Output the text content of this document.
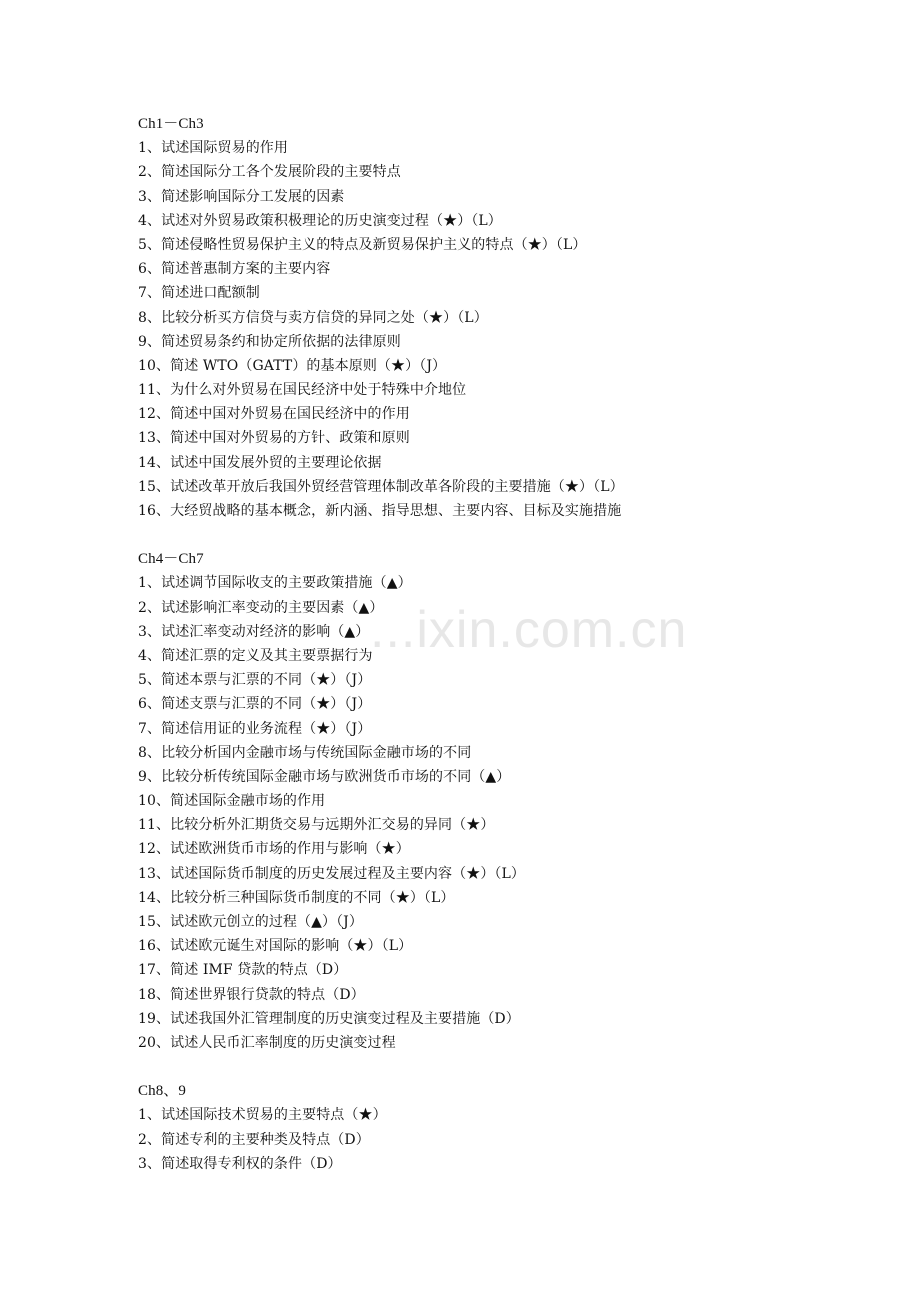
...ixin.com.cn
Ch1－Ch3
1、试述国际贸易的作用
2、简述国际分工各个发展阶段的主要特点
3、简述影响国际分工发展的因素
4、试述对外贸易政策积极理论的历史演变过程（★）（L）
5、简述侵略性贸易保护主义的特点及新贸易保护主义的特点（★）（L）
6、简述普惠制方案的主要内容
7、简述进口配额制
8、比较分析买方信贷与卖方信贷的异同之处（★）（L）
9、简述贸易条约和协定所依据的法律原则
10、简述 WTO（GATT）的基本原则（★）（J）
11、为什么对外贸易在国民经济中处于特殊中介地位
12、简述中国对外贸易在国民经济中的作用
13、简述中国对外贸易的方针、政策和原则
14、试述中国发展外贸的主要理论依据
15、试述改革开放后我国外贸经营管理体制改革各阶段的主要措施（★）（L）
16、大经贸战略的基本概念，新内涵、指导思想、主要内容、目标及实施措施
Ch4－Ch7
1、试述调节国际收支的主要政策措施（▲）
2、试述影响汇率变动的主要因素（▲）
3、试述汇率变动对经济的影响（▲）
4、简述汇票的定义及其主要票据行为
5、简述本票与汇票的不同（★）（J）
6、简述支票与汇票的不同（★）（J）
7、简述信用证的业务流程（★）（J）
8、比较分析国内金融市场与传统国际金融市场的不同
9、比较分析传统国际金融市场与欧洲货币市场的不同（▲）
10、简述国际金融市场的作用
11、比较分析外汇期货交易与远期外汇交易的异同（★）
12、试述欧洲货币市场的作用与影响（★）
13、试述国际货币制度的历史发展过程及主要内容（★）（L）
14、比较分析三种国际货币制度的不同（★）（L）
15、试述欧元创立的过程（▲）（J）
16、试述欧元诞生对国际的影响（★）（L）
17、简述 IMF 贷款的特点（D）
18、简述世界银行贷款的特点（D）
19、试述我国外汇管理制度的历史演变过程及主要措施（D）
20、试述人民币汇率制度的历史演变过程
Ch8、9
1、试述国际技术贸易的主要特点（★）
2、简述专利的主要种类及特点（D）
3、简述取得专利权的条件（D）
